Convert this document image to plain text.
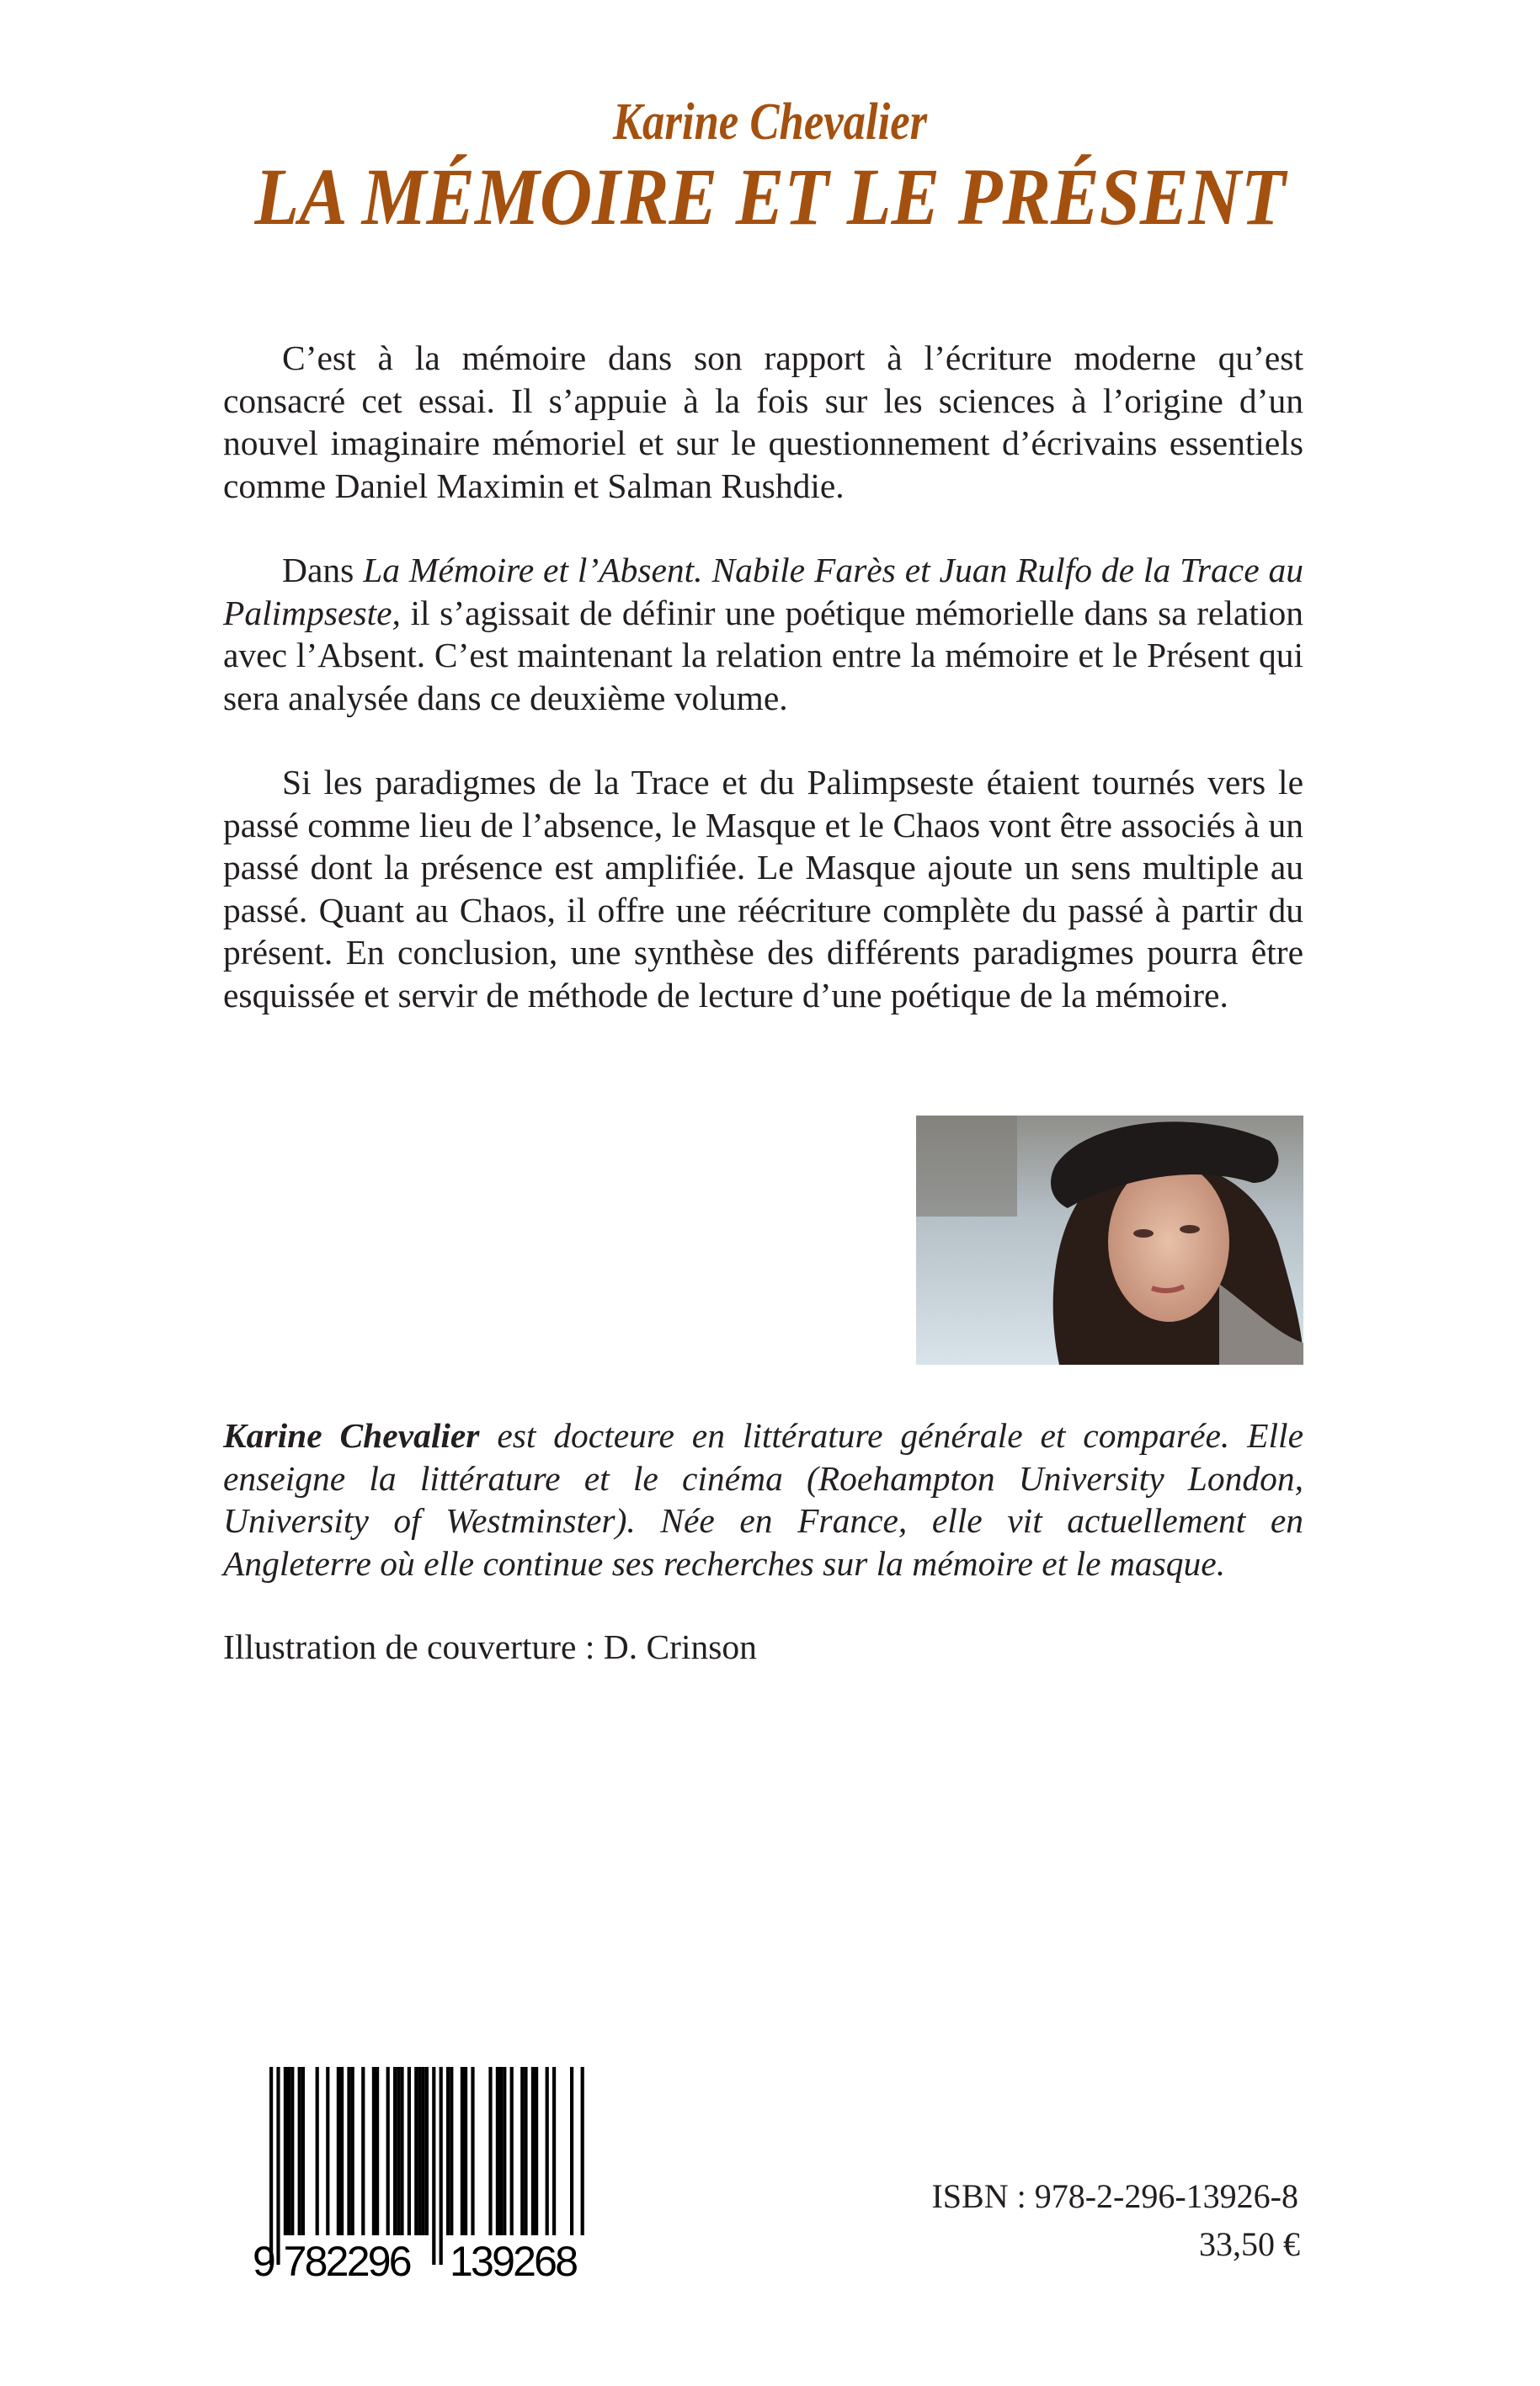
Karine Chevalier
LA MÉMOIRE ET LE PRÉSENT

C’est à la mémoire dans son rapport à l’écriture moderne qu’est consacré cet essai. Il s’appuie à la fois sur les sciences à l’origine d’un nouvel imaginaire mémoriel et sur le questionnement d’écrivains essentiels comme Daniel Maximin et Salman Rushdie.

Dans La Mémoire et l’Absent. Nabile Farès et Juan Rulfo de la Trace au Palimpseste, il s’agissait de définir une poétique mémorielle dans sa relation avec l’Absent. C’est maintenant la relation entre la mémoire et le Présent qui sera analysée dans ce deuxième volume.

Si les paradigmes de la Trace et du Palimpseste étaient tournés vers le passé comme lieu de l’absence, le Masque et le Chaos vont être associés à un passé dont la présence est amplifiée. Le Masque ajoute un sens multiple au passé. Quant au Chaos, il offre une réécriture complète du passé à partir du présent. En conclusion, une synthèse des différents paradigmes pourra être esquissée et servir de méthode de lecture d’une poétique de la mémoire.

Karine Chevalier est docteure en littérature générale et comparée. Elle enseigne la littérature et le cinéma (Roehampton University London, University of Westminster). Née en France, elle vit actuellement en Angleterre où elle continue ses recherches sur la mémoire et le masque.
Illustration de couverture : D. Crinson
9 782296 139268
ISBN : 978-2-296-13926-8
33,50 €
